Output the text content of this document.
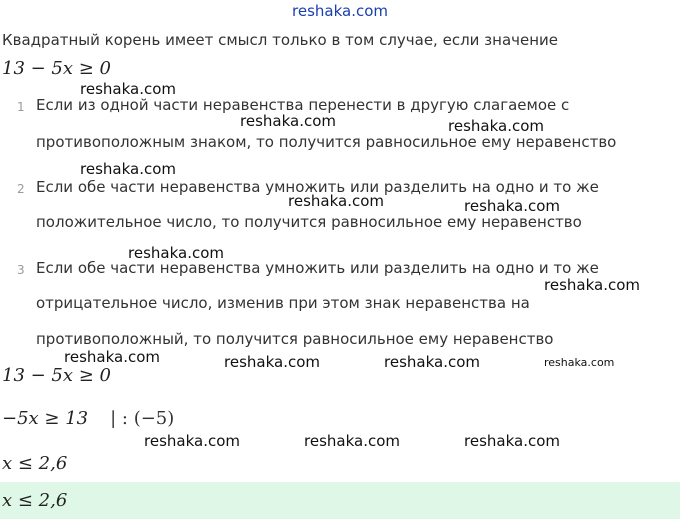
reshaka.com
Квадратный корень имеет смысл только в том случае, если значение
13 − 5x ≥ 0
1 Если из одной части неравенства перенести в другую слагаемое с
противоположным знаком, то получится равносильное ему неравенство
2 Если обе части неравенства умножить или разделить на одно и то же
положительное число, то получится равносильное ему неравенство
3 Если обе части неравенства умножить или разделить на одно и то же
отрицательное число, изменив при этом знак неравенства на
противоположный, то получится равносильное ему неравенство
13 − 5x ≥ 0
−5x ≥ 13 | : (−5)
x ≤ 2,6
x ≤ 2,6
reshaka.com
reshaka.com	reshaka.com
reshaka.com
reshaka.com	reshaka.com
reshaka.com
reshaka.com
reshaka.com	reshaka.com	reshaka.com	reshaka.com
reshaka.com	reshaka.com	reshaka.com
